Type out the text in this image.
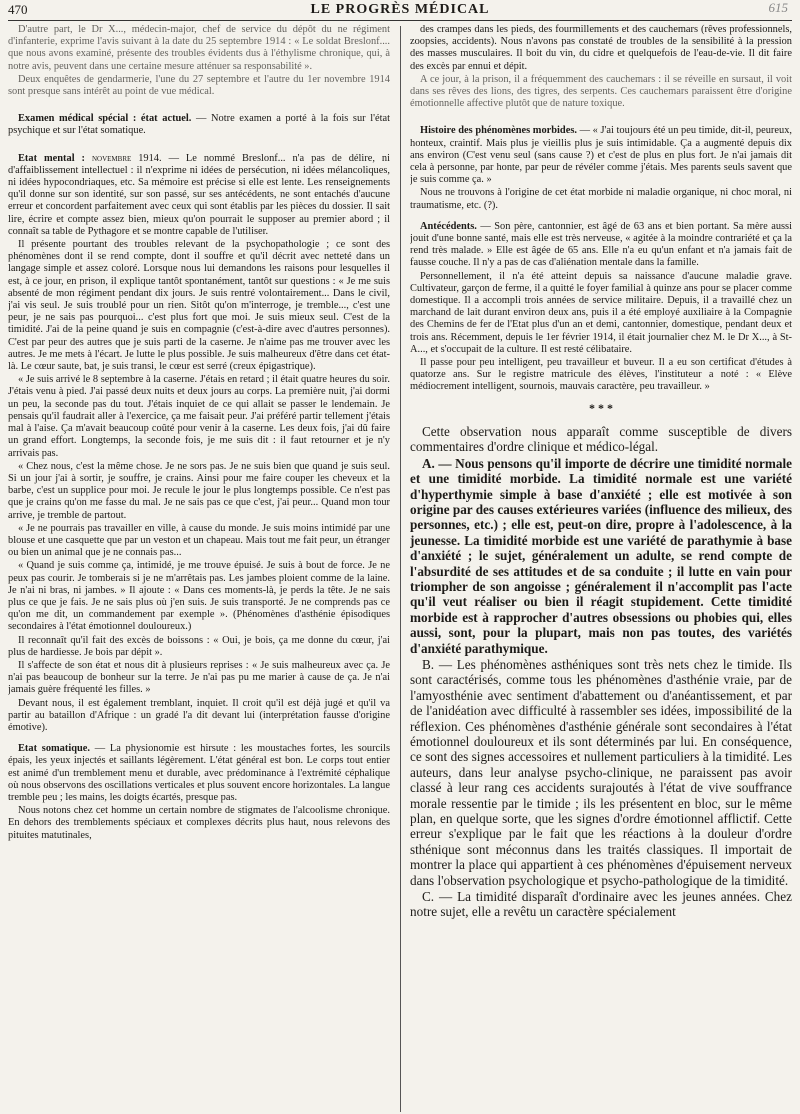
470	LE PROGRÈS MÉDICAL	615

D'autre part, le Dr X..., médecin-major, chef de service du dépôt du ne régiment d'infanterie, exprime l'avis suivant à la date du 25 septembre 1914 : « Le soldat Breslonf.... que nous avons examiné, présente des troubles évidents dus à l'éthylisme chronique, qui, à notre avis, peuvent dans une certaine mesure atténuer sa responsabilité ».

Deux enquêtes de gendarmerie, l'une du 27 septembre et l'autre du 1er novembre 1914 sont presque sans intérêt au point de vue médical.

Examen médical spécial : état actuel. — Notre examen a porté à la fois sur l'état psychique et sur l'état somatique.

Etat mental : novembre 1914. — Le nommé Breslonf... n'a pas de délire, ni d'affaiblissement intellectuel : il n'exprime ni idées de persécution, ni idées mélancoliques, ni idées hypocondriaques, etc. Sa mémoire est précise si elle est lente. Les renseignements qu'il donne sur son identité, sur son passé, sur ses antécédents, ne sont entachés d'aucune erreur et concordent parfaitement avec ceux qui sont établis par les pièces du dossier. Il sait lire, écrire et compte assez bien, mieux qu'on pourrait le supposer au premier abord ; il connaît sa table de Pythagore et se montre capable de l'utiliser.

Il présente pourtant des troubles relevant de la psychopathologie ; ce sont des phénomènes dont il se rend compte, dont il souffre et qu'il décrit avec netteté dans un langage simple et assez coloré. Lorsque nous lui demandons les raisons pour lesquelles il est, à ce jour, en prison, il explique tantôt spontanément, tantôt sur questions : « Je me suis absenté de mon régiment pendant dix jours. Je suis rentré volontairement... Dans le civil, j'ai vis seul. Je suis troublé pour un rien. Sitôt qu'on m'interroge, je tremble..., c'est une peur, je ne sais pas pourquoi... c'est plus fort que moi. Je suis mieux seul. C'est de la timidité. J'ai de la peine quand je suis en compagnie (c'est-à-dire avec d'autres personnes). C'est par peur des autres que je suis parti de la caserne. Je n'aime pas me trouver avec les autres. Je me mets à l'écart. Je lutte le plus possible. Je suis malheureux d'être dans cet état-là. Le cœur saute, bat, je suis transi, le cœur est serré (creux épigastrique).

« Je suis arrivé le 8 septembre à la caserne. J'étais en retard ; il était quatre heures du soir. J'étais venu à pied. J'ai passé deux nuits et deux jours au corps. La première nuit, j'ai dormi un peu, la seconde pas du tout. J'étais inquiet de ce qui allait se passer le lendemain. Je pensais qu'il faudrait aller à l'exercice, ça me faisait peur. J'ai préféré partir tellement j'étais mal à l'aise. Ça m'avait beaucoup coûté pour venir à la caserne. Les deux fois, j'ai dû faire un grand effort. Longtemps, la seconde fois, je me suis dit : il faut retourner et je n'y arrivais pas.

« Chez nous, c'est la même chose. Je ne sors pas. Je ne suis bien que quand je suis seul. Si un jour j'ai à sortir, je souffre, je crains. Ainsi pour me faire couper les cheveux et la barbe, c'est un supplice pour moi. Je recule le jour le plus longtemps possible. Ce n'est pas que je crains qu'on me fasse du mal. Je ne sais pas ce que c'est, j'ai peur... Quand mon tour arrive, je tremble de partout.

« Je ne pourrais pas travailler en ville, à cause du monde. Je suis moins intimidé par une blouse et une casquette que par un veston et un chapeau. Mais tout me fait peur, un étranger ou bien un animal que je ne connais pas...

« Quand je suis comme ça, intimidé, je me trouve épuisé. Je suis à bout de force. Je ne peux pas courir. Je tomberais si je ne m'arrêtais pas. Les jambes ploient comme de la laine. Je n'ai ni bras, ni jambes. » Il ajoute : « Dans ces moments-là, je perds la tête. Je ne sais plus ce que je fais. Je ne sais plus où j'en suis. Je suis transporté. Je ne comprends pas ce qu'on me dit, un commandement par exemple ». (Phénomènes d'asthénie épisodiques secondaires à l'état émotionnel douloureux.)

Il reconnaît qu'il fait des excès de boissons : « Oui, je bois, ça me donne du cœur, j'ai plus de hardiesse. Je bois par dépit ».

Il s'affecte de son état et nous dit à plusieurs reprises : « Je suis malheureux avec ça. Je n'ai pas beaucoup de bonheur sur la terre. Je n'ai pas pu me marier à cause de ça. Je n'ai jamais guère fréquenté les filles. »

Devant nous, il est également tremblant, inquiet. Il croit qu'il est déjà jugé et qu'il va partir au bataillon d'Afrique : un gradé l'a dit devant lui (interprétation fausse d'origine émotive).

Etat somatique. — La physionomie est hirsute : les moustaches fortes, les sourcils épais, les yeux injectés et saillants légèrement. L'état général est bon. Le corps tout entier est animé d'un tremblement menu et durable, avec prédominance à l'extrémité céphalique où nous observons des oscillations verticales et plus souvent encore horizontales. La langue tremble peu ; les mains, les doigts écartés, presque pas.

Nous notons chez cet homme un certain nombre de stigmates de l'alcoolisme chronique. En dehors des tremblements spéciaux et complexes décrits plus haut, nous relevons des pituites matutinales,

des crampes dans les pieds, des fourmillements et des cauchemars (rêves professionnels, zoopsies, accidents). Nous n'avons pas constaté de troubles de la sensibilité à la pression des masses musculaires. Il boit du vin, du cidre et quelquefois de l'eau-de-vie. Il dit faire des excès par ennui et dépit.

A ce jour, à la prison, il a fréquemment des cauchemars : il se réveille en sursaut, il voit dans ses rêves des lions, des tigres, des serpents. Ces cauchemars paraissent être d'origine émotionnelle affective plutôt que de nature toxique.

Histoire des phénomènes morbides. — « J'ai toujours été un peu timide, dit-il, peureux, honteux, craintif. Mais plus je vieillis plus je suis intimidable. Ça a augmenté depuis dix ans environ (C'est venu seul (sans cause ?) et c'est de plus en plus fort. Je n'ai jamais dit cela à personne, par honte, par peur de révéler comme j'étais. Mes parents seuls savent que je suis comme ça. »

Nous ne trouvons à l'origine de cet état morbide ni maladie organique, ni choc moral, ni traumatisme, etc. (?).

Antécédents. — Son père, cantonnier, est âgé de 63 ans et bien portant. Sa mère aussi jouit d'une bonne santé, mais elle est très nerveuse, « agitée à la moindre contrariété et ça la rend très malade. » Elle est âgée de 65 ans. Elle n'a eu qu'un enfant et n'a jamais fait de fausse couche. Il n'y a pas de cas d'aliénation mentale dans la famille.

Personnellement, il n'a été atteint depuis sa naissance d'aucune maladie grave. Cultivateur, garçon de ferme, il a quitté le foyer familial à quinze ans pour se placer comme domestique. Il a accompli trois années de service militaire. Depuis, il a travaillé chez un marchand de lait durant environ deux ans, puis il a été employé auxiliaire à la Compagnie des Chemins de fer de l'Etat plus d'un an et demi, cantonnier, domestique, pendant deux et trois ans. Récemment, depuis le 1er février 1914, il était journalier chez M. le Dr X..., à St-A..., et s'occupait de la culture. Il est resté célibataire.

Il passe pour peu intelligent, peu travailleur et buveur. Il a eu son certificat d'études à quatorze ans. Sur le registre matricule des élèves, l'instituteur a noté : « Elève médiocrement intelligent, sournois, mauvais caractère, peu travailleur. »

* * *

Cette observation nous apparaît comme susceptible de divers commentaires d'ordre clinique et médico-légal.

A. — Nous pensons qu'il importe de décrire une timidité normale et une timidité morbide. La timidité normale est une variété d'hyperthymie simple à base d'anxiété ; elle est motivée à son origine par des causes extérieures variées (influence des milieux, des personnes, etc.) ; elle est, peut-on dire, propre à l'adolescence, à la jeunesse. La timidité morbide est une variété de parathymie à base d'anxiété ; le sujet, généralement un adulte, se rend compte de l'absurdité de ses attitudes et de sa conduite ; il lutte en vain pour triompher de son angoisse ; généralement il n'accomplit pas l'acte qu'il veut réaliser ou bien il réagit stupidement. Cette timidité morbide est à rapprocher d'autres obsessions ou phobies qui, elles aussi, sont, pour la plupart, mais non pas toutes, des variétés d'anxiété parathymique.

B. — Les phénomènes asthéniques sont très nets chez le timide. Ils sont caractérisés, comme tous les phénomènes d'asthénie vraie, par de l'amyosthénie avec sentiment d'abattement ou d'anéantissement, et par de l'anidéation avec difficulté à rassembler ses idées, impossibilité de la réflexion. Ces phénomènes d'asthénie générale sont secondaires à l'état émotionnel douloureux et ils sont déterminés par lui. En conséquence, ce sont des signes accessoires et nullement particuliers à la timidité. Les auteurs, dans leur analyse psycho-clinique, ne paraissent pas avoir classé à leur rang ces accidents surajoutés à l'état de vive souffrance morale ressentie par le timide ; ils les présentent en bloc, sur le même plan, en quelque sorte, que les signes d'ordre émotionnel afflictif. Cette erreur s'explique par le fait que les réactions à la douleur d'ordre sthénique sont méconnus dans les traités classiques. Il importait de montrer la place qui appartient à ces phénomènes d'épuisement nerveux dans l'observation psychologique et psycho-pathologique de la timidité.

C. — La timidité disparaît d'ordinaire avec les jeunes années. Chez notre sujet, elle a revêtu un caractère spécialement
